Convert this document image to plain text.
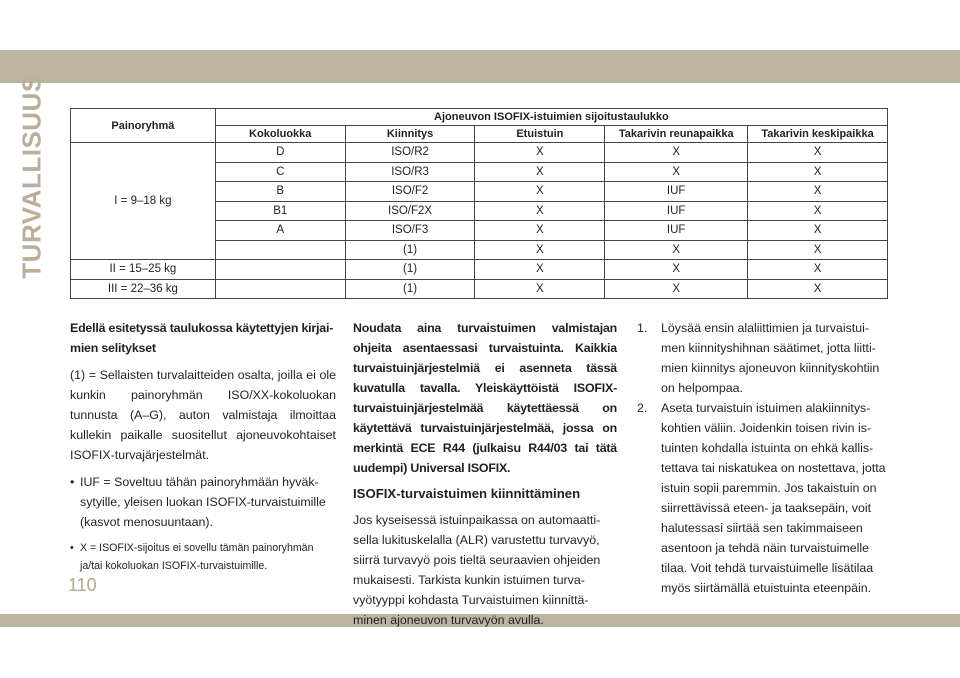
TURVALLISUUS	Painoryhmä	Ajoneuvon ISOFIX-istuimien sijoitustaulukko				
	Kokoluokka	Kiinnitys	Etuistuin	Takarivin reunapaikka	Takarivin keskipaikka
I = 9–18 kg	D	ISO/R2	X	X	X
	C	ISO/R3	X	X	X
	B	ISO/F2	X	IUF	X
	B1	ISO/F2X	X	IUF	X
	A	ISO/F3	X	IUF	X
		(1)	X	X	X
II = 15–25 kg		(1)	X	X	X
III = 22–36 kg		(1)	X	X	X
Edellä esitetyssä taulukossa käytettyjen kirjaimien selitykset
(1) = Sellaisten turvalaitteiden osalta, joilla ei ole kunkin painoryhmän ISO/XX-kokoluokan tunnusta (A–G), auton valmistaja ilmoittaa kullekin paikalle suositellut ajoneuvokohtaiset ISOFIX-turvajärjestelmät.
• IUF = Soveltuu tähän painoryhmään hyväksytyille, yleisen luokan ISOFIX-turvaistuimille (kasvot menosuuntaan).
• X = ISOFIX-sijoitus ei sovellu tämän painoryhmän ja/tai kokoluokan ISOFIX-turvaistuimille.
Noudata aina turvaistuimen valmistajan ohjeita asentaessasi turvaistuinta. Kaikkia turvaistuinjärjestelmiä ei asenneta tässä kuvatulla tavalla. Yleiskäyttöistä ISOFIX-turvaistuinjärjestelmää käytettäessä on käytettävä turvaistuinjärjestelmää, jossa on merkintä ECE R44 (julkaisu R44/03 tai tätä uudempi) Universal ISOFIX.
ISOFIX-turvaistuimen kiinnittäminen
Jos kyseisessä istuinpaikassa on automaattisella lukituskelalla (ALR) varustettu turvavyö, siirrä turvavyö pois tieltä seuraavien ohjeiden mukaisesti. Tarkista kunkin istuimen turvavyötyyppi kohdasta Turvaistuimen kiinnittäminen ajoneuvon turvavyön avulla.
1. Löysää ensin alaliittimien ja turvaistuimen kiinnityshihnan säätimet, jotta liittimien kiinnitys ajoneuvon kiinnityskohtiin on helpompaa.
2. Aseta turvaistuin istuimen alakiinnityskohtien väliin. Joidenkin toisen rivin istuinten kohdalla istuinta on ehkä kallistettava tai niskatukea on nostettava, jotta istuin sopii paremmin. Jos takaistuin on siirrettävissä eteen- ja taaksepäin, voit halutessasi siirtää sen takimmaiseen asentoon ja tehdä näin turvaistuimelle tilaa. Voit tehdä turvaistuimelle lisätilaa myös siirtämällä etuistuinta eteenpäin.
110
